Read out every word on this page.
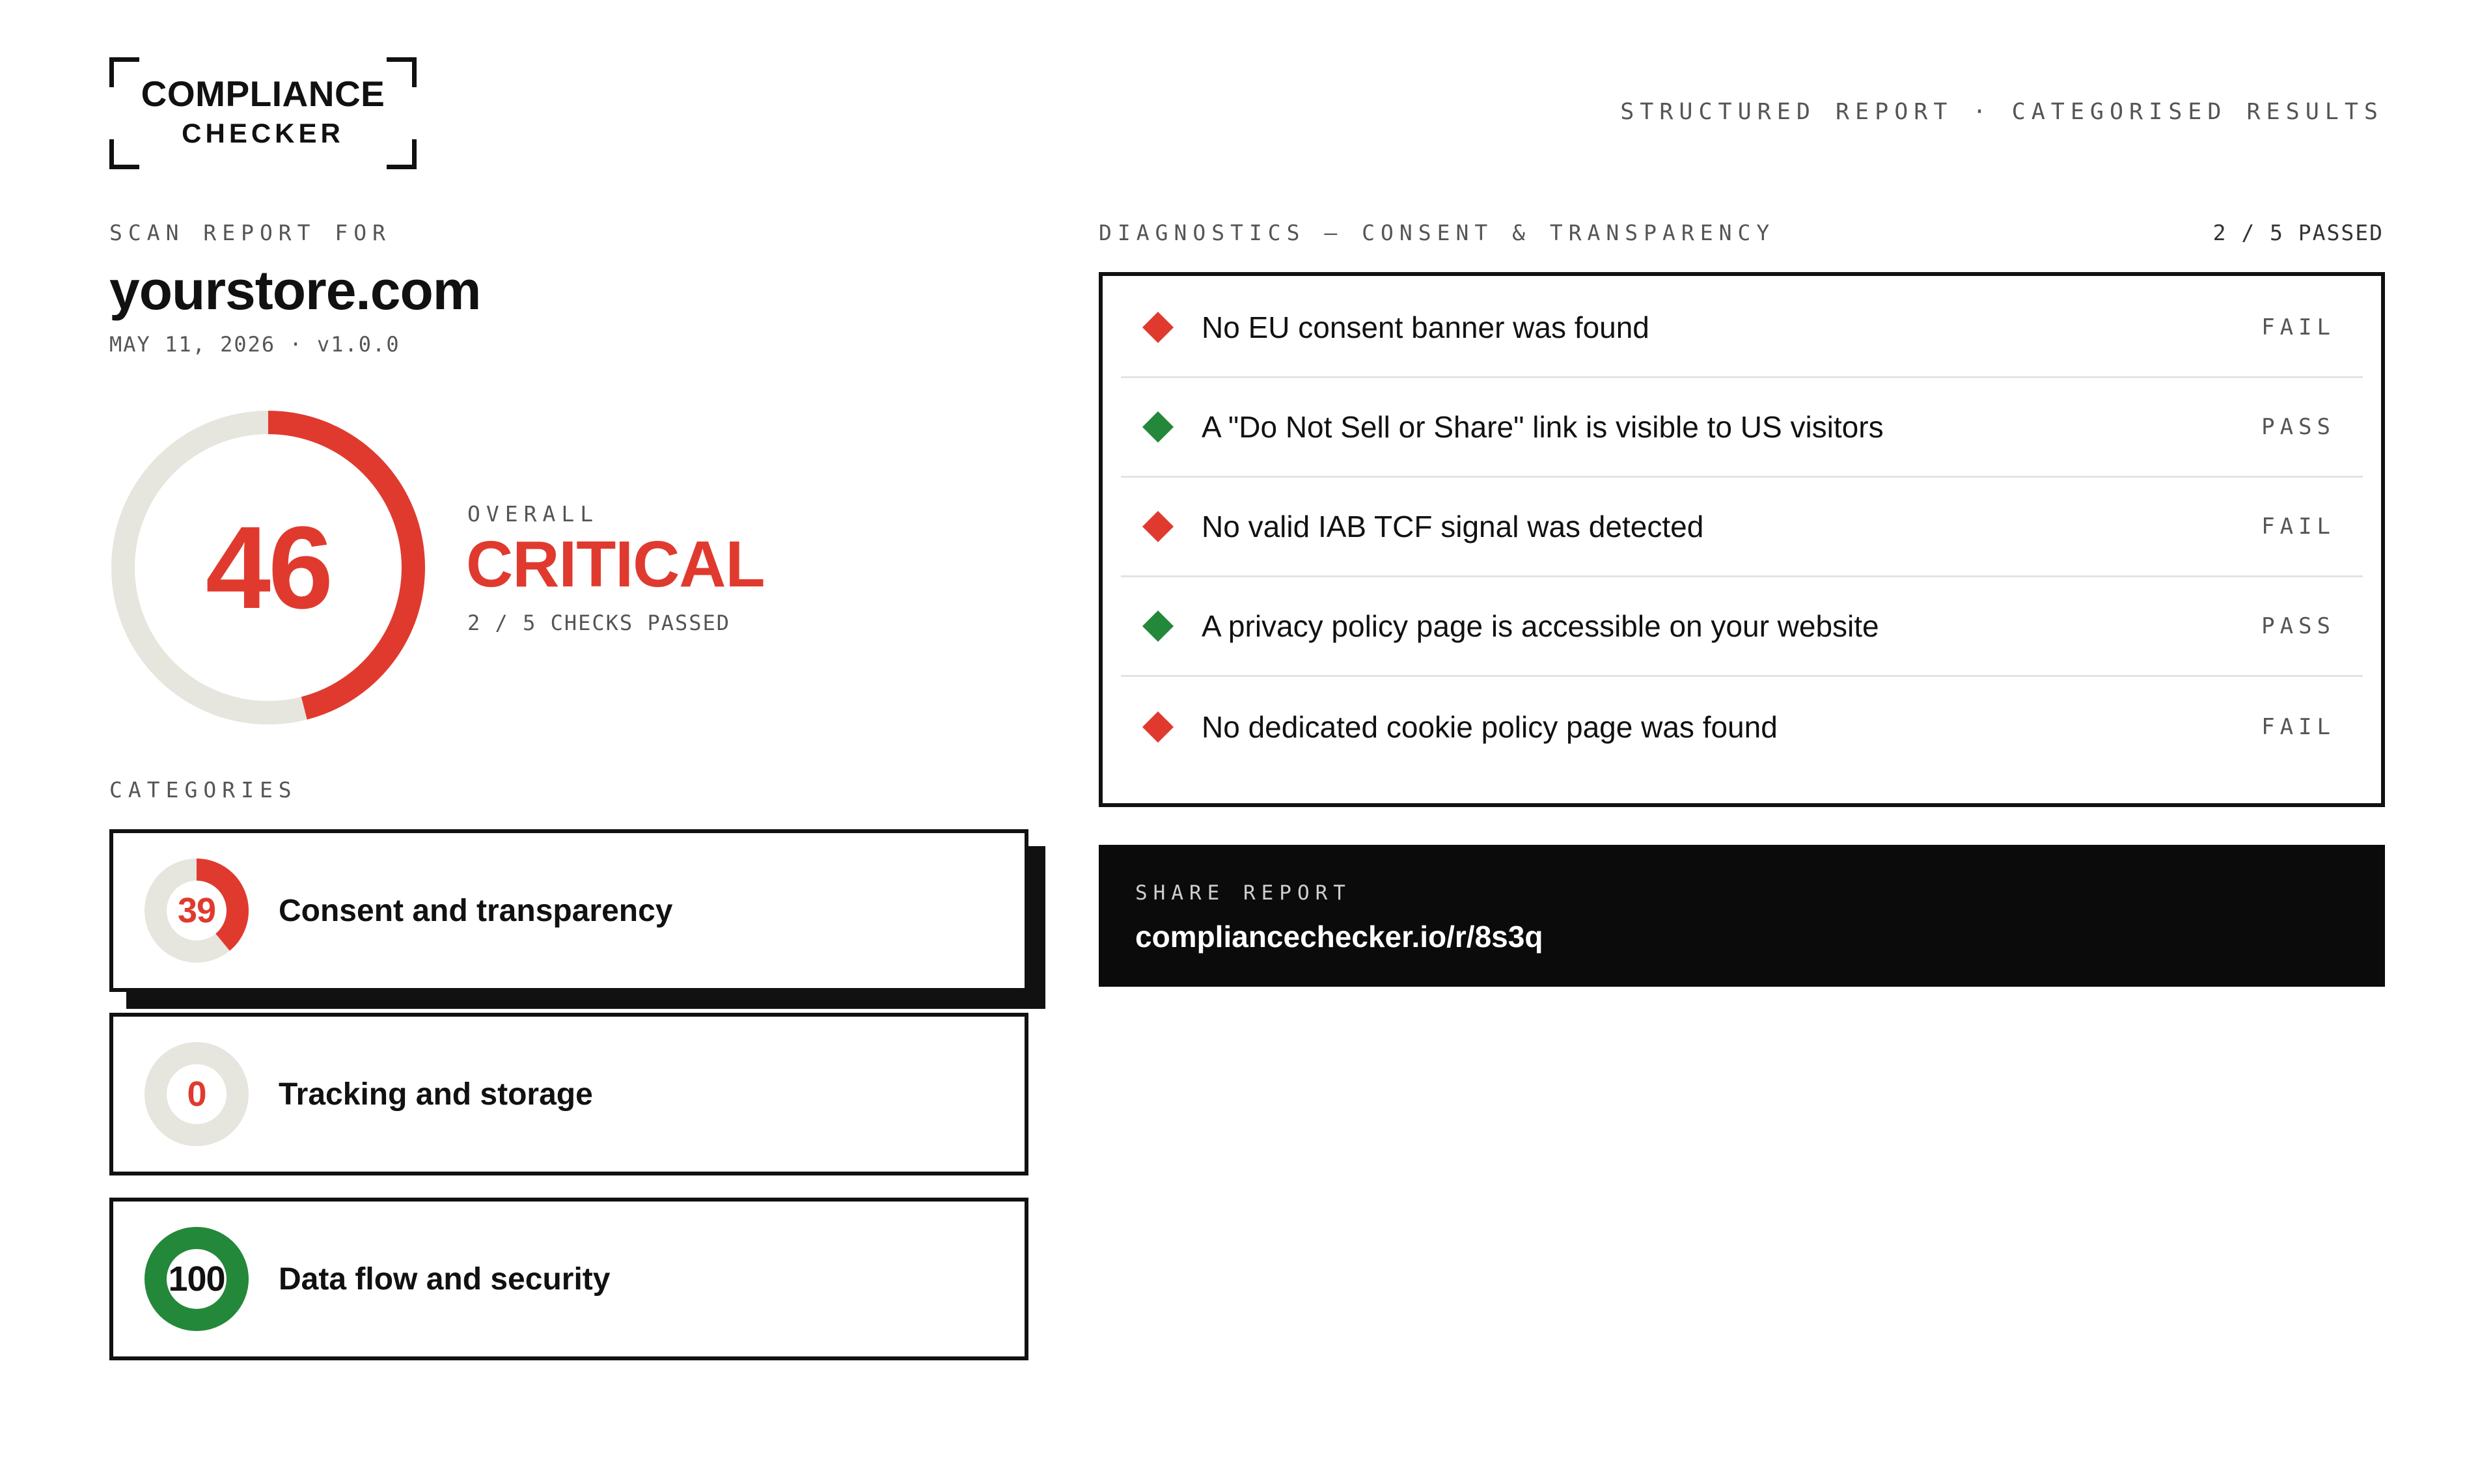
COMPLIANCE
CHECKER
STRUCTURED REPORT · CATEGORISED RESULTS
SCAN REPORT FOR
yourstore.com
MAY 11, 2026 · v1.0.0
46	OVERALL
CRITICAL
2 / 5 CHECKS PASSED
CATEGORIES
39	Consent and transparency
0	Tracking and storage
100	Data flow and security
DIAGNOSTICS — CONSENT & TRANSPARENCY	2 / 5 PASSED
No EU consent banner was found	FAIL
A "Do Not Sell or Share" link is visible to US visitors	PASS
No valid IAB TCF signal was detected	FAIL
A privacy policy page is accessible on your website	PASS
No dedicated cookie policy page was found	FAIL
SHARE REPORT
compliancechecker.io/r/8s3q
